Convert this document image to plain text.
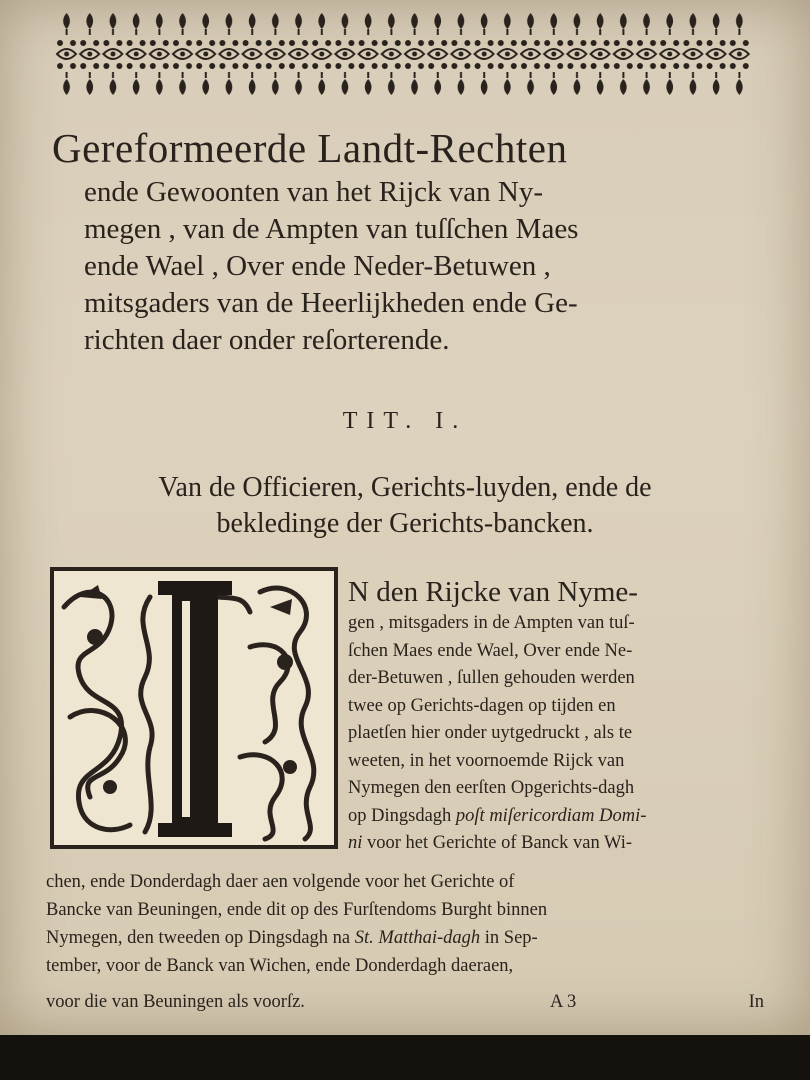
Gereformeerde Landt-Rechten

ende Gewoonten van het Rijck van Ny-
megen , van de Ampten van tuſſchen Maes
ende Wael , Over ende Neder-Betuwen ,
mitsgaders van de Heerlijkheden ende Ge-
richten daer onder reſorterende.

TIT. I.
Van de Officieren, Gerichts-luyden, ende de
bekledinge der Gerichts-bancken.
N den Rijcke van Nyme-
gen , mitsgaders in de Ampten van tuſ-
ſchen Maes ende Wael, Over ende Ne-
der-Betuwen , ſullen gehouden werden
twee op Gerichts-dagen op tijden en
plaetſen hier onder uytgedruckt , als te
weeten, in het voornoemde Rijck van
Nymegen den eerſten Opgerichts-dagh
op Dingsdagh poſt miſericordiam Domi-
ni voor het Gerichte of Banck van Wi-
chen, ende Donderdagh daer aen volgende voor het Gerichte of
Bancke van Beuningen, ende dit op des Furſtendoms Burght binnen
Nymegen, den tweeden op Dingsdagh na St. Matthai-dagh in Sep-
tember, voor de Banck van Wichen, ende Donderdagh daeraen,
voor die van Beuningen als voorſz.	A 3	In
